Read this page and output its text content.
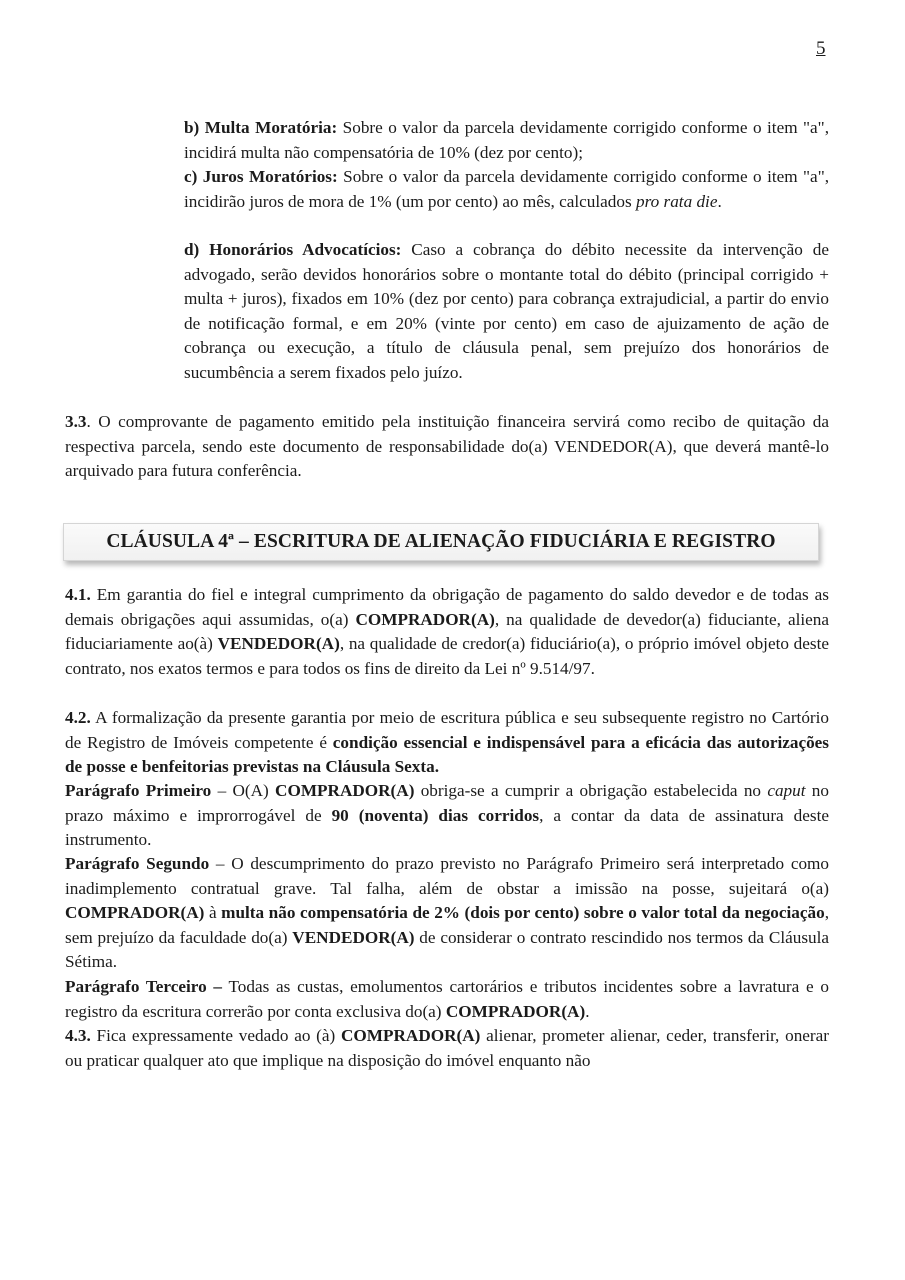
5

b) Multa Moratória: Sobre o valor da parcela devidamente corrigido conforme o item "a", incidirá multa não compensatória de 10% (dez por cento);

c) Juros Moratórios: Sobre o valor da parcela devidamente corrigido conforme o item "a", incidirão juros de mora de 1% (um por cento) ao mês, calculados pro rata die.

d) Honorários Advocatícios: Caso a cobrança do débito necessite da intervenção de advogado, serão devidos honorários sobre o montante total do débito (principal corrigido + multa + juros), fixados em 10% (dez por cento) para cobrança extrajudicial, a partir do envio de notificação formal, e em 20% (vinte por cento) em caso de ajuizamento de ação de cobrança ou execução, a título de cláusula penal, sem prejuízo dos honorários de sucumbência a serem fixados pelo juízo.

3.3. O comprovante de pagamento emitido pela instituição financeira servirá como recibo de quitação da respectiva parcela, sendo este documento de responsabilidade do(a) VENDEDOR(A), que deverá mantê-lo arquivado para futura conferência.

CLÁUSULA 4ª – ESCRITURA DE ALIENAÇÃO FIDUCIÁRIA E REGISTRO

4.1. Em garantia do fiel e integral cumprimento da obrigação de pagamento do saldo devedor e de todas as demais obrigações aqui assumidas, o(a) COMPRADOR(A), na qualidade de devedor(a) fiduciante, aliena fiduciariamente ao(à) VENDEDOR(A), na qualidade de credor(a) fiduciário(a), o próprio imóvel objeto deste contrato, nos exatos termos e para todos os fins de direito da Lei nº 9.514/97.

4.2. A formalização da presente garantia por meio de escritura pública e seu subsequente registro no Cartório de Registro de Imóveis competente é condição essencial e indispensável para a eficácia das autorizações de posse e benfeitorias previstas na Cláusula Sexta.

Parágrafo Primeiro – O(A) COMPRADOR(A) obriga-se a cumprir a obrigação estabelecida no caput no prazo máximo e improrrogável de 90 (noventa) dias corridos, a contar da data de assinatura deste instrumento.

Parágrafo Segundo – O descumprimento do prazo previsto no Parágrafo Primeiro será interpretado como inadimplemento contratual grave. Tal falha, além de obstar a imissão na posse, sujeitará o(a) COMPRADOR(A) à multa não compensatória de 2% (dois por cento) sobre o valor total da negociação, sem prejuízo da faculdade do(a) VENDEDOR(A) de considerar o contrato rescindido nos termos da Cláusula Sétima.

Parágrafo Terceiro – Todas as custas, emolumentos cartorários e tributos incidentes sobre a lavratura e o registro da escritura correrão por conta exclusiva do(a) COMPRADOR(A).

4.3. Fica expressamente vedado ao (à) COMPRADOR(A) alienar, prometer alienar, ceder, transferir, onerar ou praticar qualquer ato que implique na disposição do imóvel enquanto não
